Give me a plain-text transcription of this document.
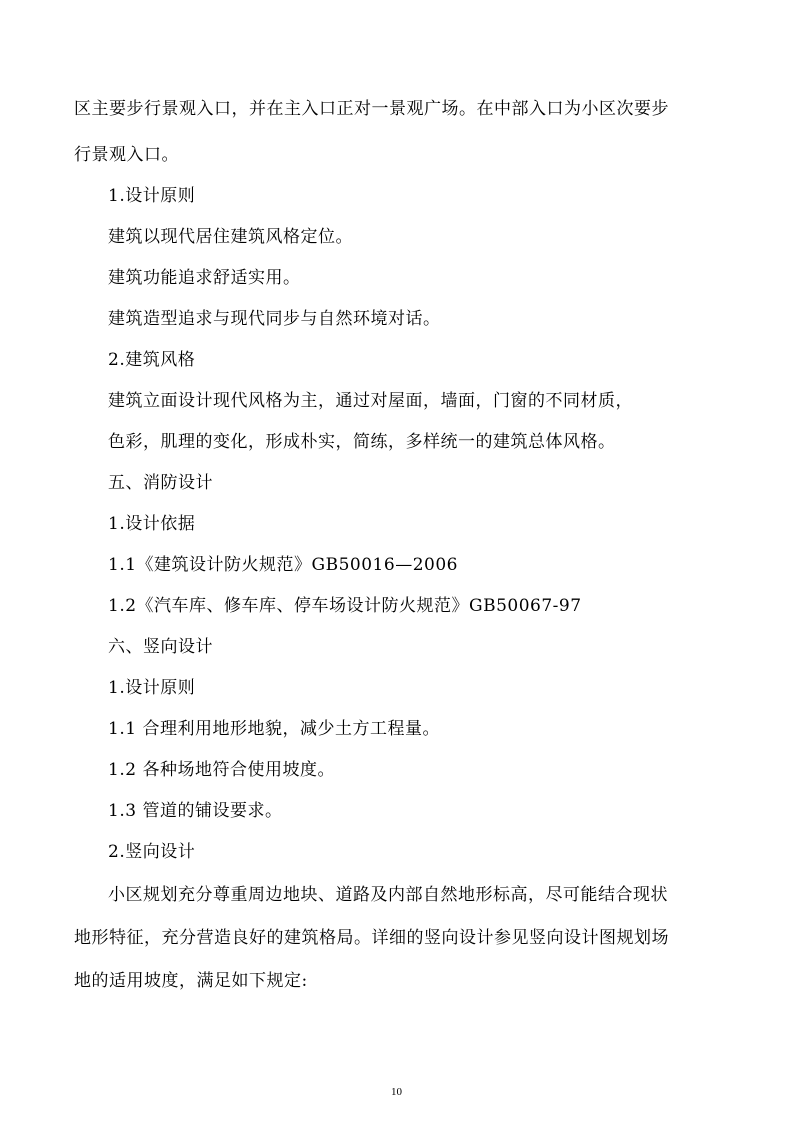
区主要步行景观入口，并在主入口正对一景观广场。在中部入口为小区次要步
行景观入口。
1.设计原则
建筑以现代居住建筑风格定位。
建筑功能追求舒适实用。
建筑造型追求与现代同步与自然环境对话。
2.建筑风格
建筑立面设计现代风格为主，通过对屋面，墙面，门窗的不同材质，
色彩，肌理的变化，形成朴实，简练，多样统一的建筑总体风格。
五、消防设计
1.设计依据
1.1《建筑设计防火规范》GB50016—2006
1.2《汽车库、修车库、停车场设计防火规范》GB50067-97
六、竖向设计
1.设计原则
1.1 合理利用地形地貌，减少土方工程量。
1.2 各种场地符合使用坡度。
1.3 管道的铺设要求。
2.竖向设计
小区规划充分尊重周边地块、道路及内部自然地形标高，尽可能结合现状
地形特征，充分营造良好的建筑格局。详细的竖向设计参见竖向设计图规划场
地的适用坡度，满足如下规定:
10
